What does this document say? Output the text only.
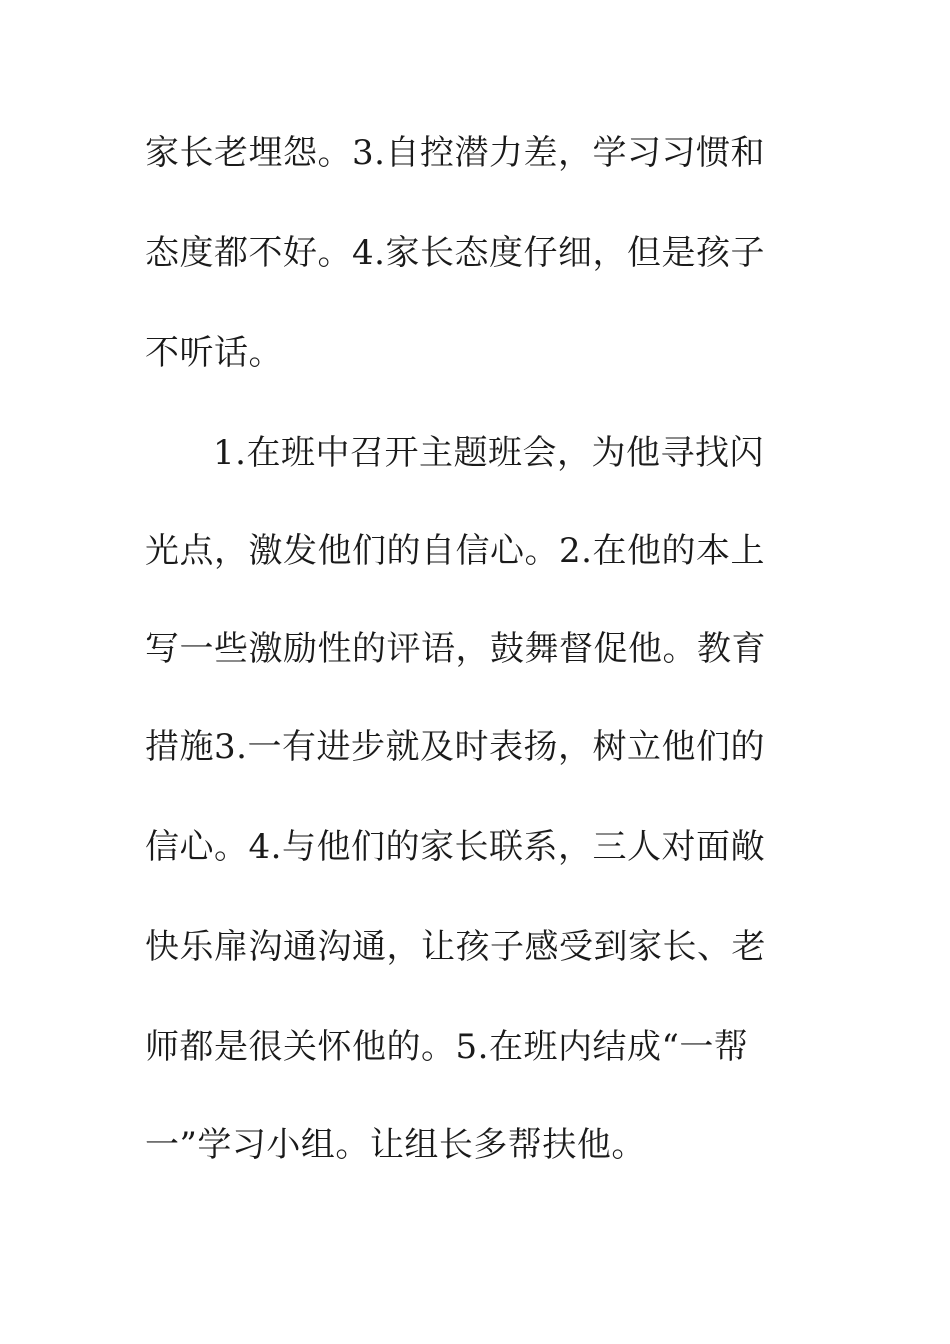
家长老埋怨。3.自控潜力差，学习习惯和
态度都不好。4.家长态度仔细，但是孩子
不听话。
1.在班中召开主题班会，为他寻找闪
光点，激发他们的自信心。2.在他的本上
写一些激励性的评语，鼓舞督促他。教育
措施3.一有进步就及时表扬，树立他们的
信心。4.与他们的家长联系，三人对面敞
快乐扉沟通沟通，让孩子感受到家长、老
师都是很关怀他的。5.在班内结成“一帮
一”学习小组。让组长多帮扶他。
